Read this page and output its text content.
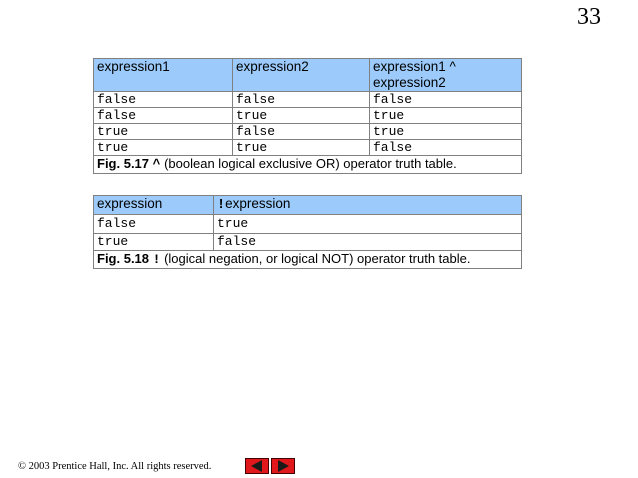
33
expression1	expression2	expression1 ^ expression2
false	false	false
false	true	true
true	false	true
true	true	false
Fig. 5.17 ^ (boolean logical exclusive OR) operator truth table.		
expression	!expression
false	true
true	false
Fig. 5.18 ! (logical negation, or logical NOT) operator truth table.	
© 2003 Prentice Hall, Inc. All rights reserved.
